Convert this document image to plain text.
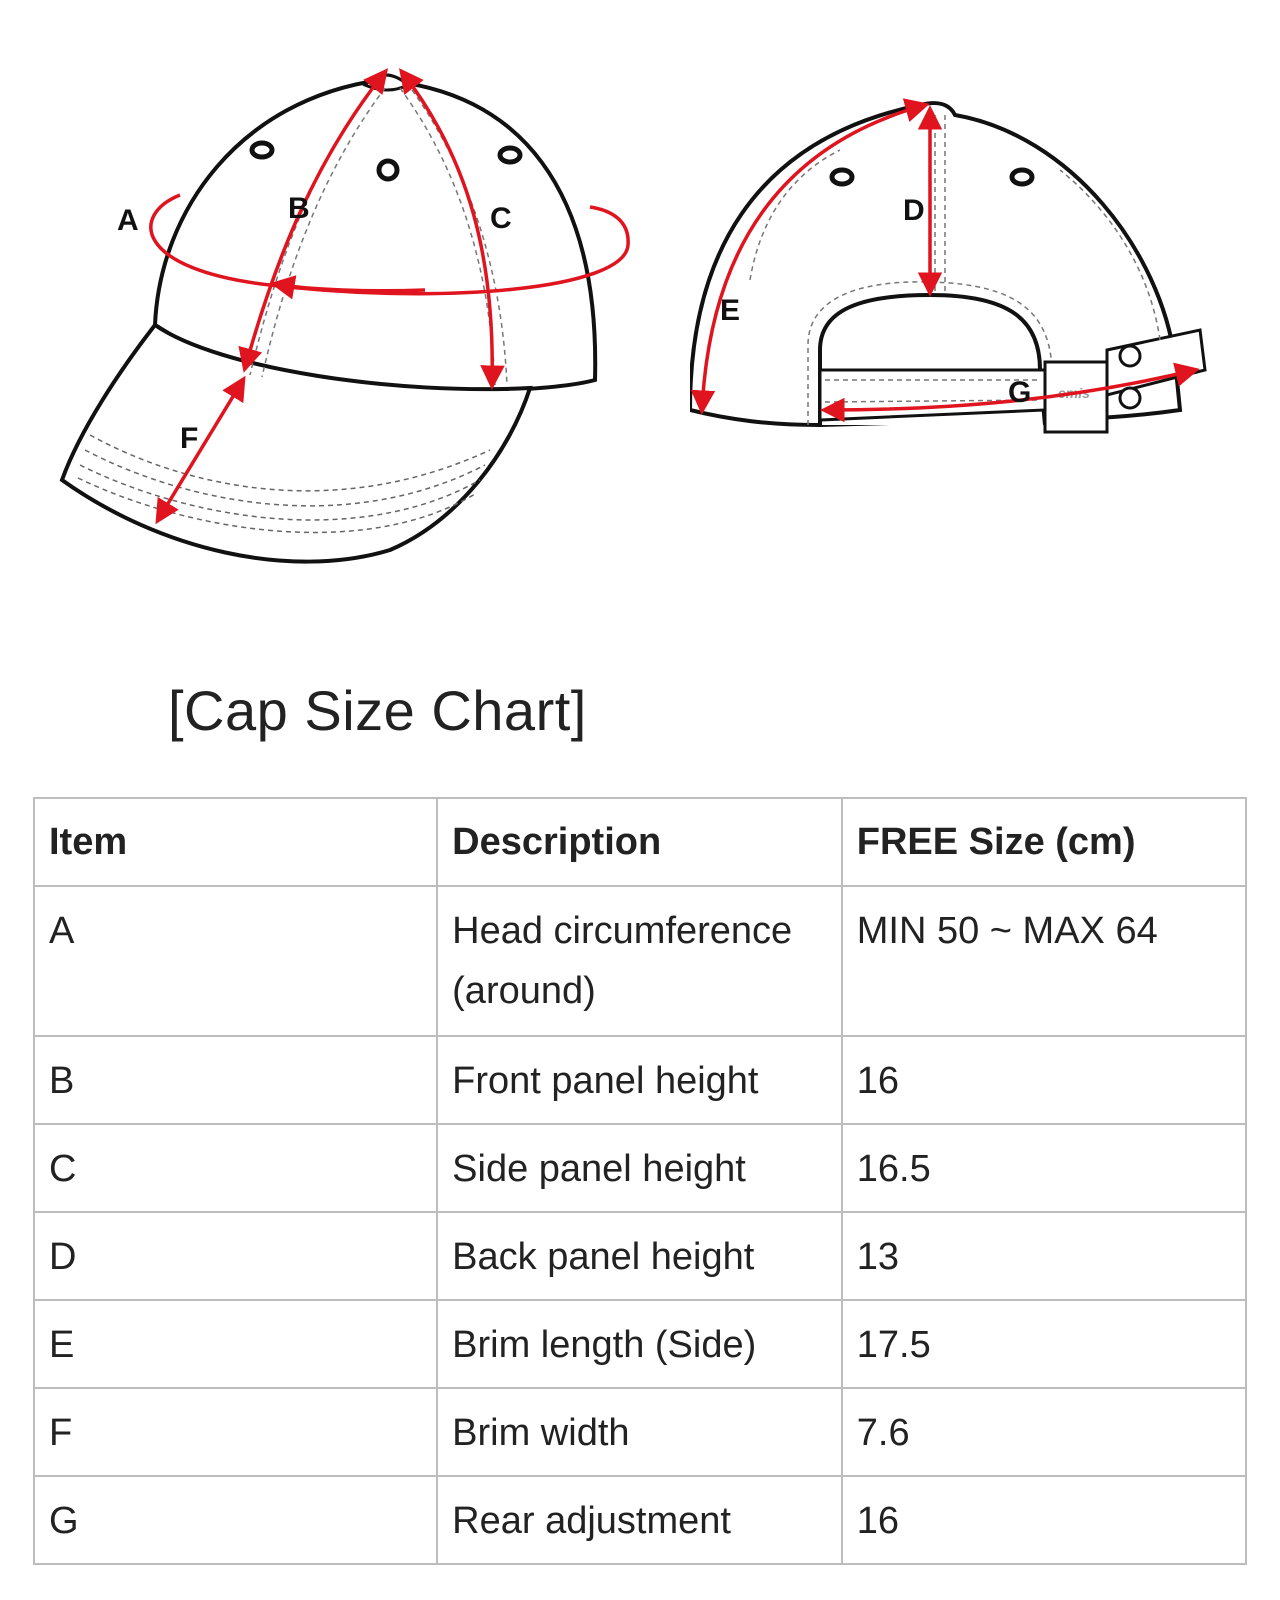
A	B	C
F
emis
D
E
G
[Cap Size Chart]
Item	Description	FREE Size (cm)
A	Head circumference (around)	MIN 50 ~ MAX 64
B	Front panel height	16
C	Side panel height	16.5
D	Back panel height	13
E	Brim length (Side)	17.5
F	Brim width	7.6
G	Rear adjustment	16
